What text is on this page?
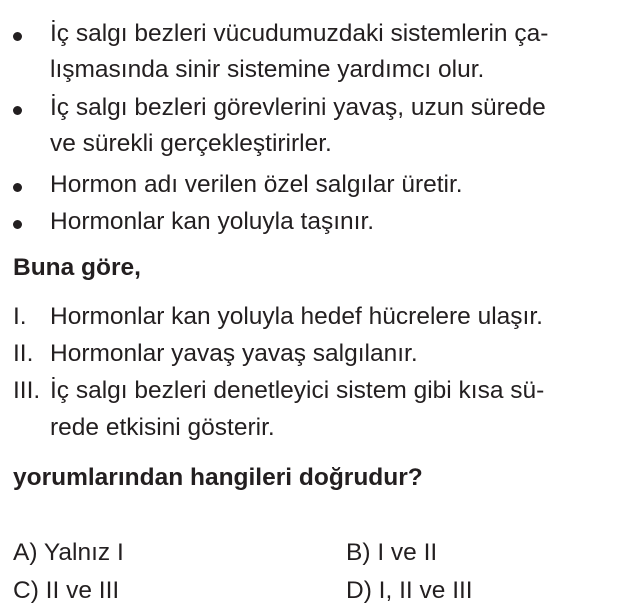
İç salgı bezleri vücudumuzdaki sistemlerin ça-
lışmasında sinir sistemine yardımcı olur.
İç salgı bezleri görevlerini yavaş, uzun sürede
ve sürekli gerçekleştirirler.
Hormon adı verilen özel salgılar üretir.
Hormonlar kan yoluyla taşınır.
Buna göre,
I. Hormonlar kan yoluyla hedef hücrelere ulaşır.
II. Hormonlar yavaş yavaş salgılanır.
III. İç salgı bezleri denetleyici sistem gibi kısa sü-
rede etkisini gösterir.
yorumlarından hangileri doğrudur?
A) Yalnız I	B) I ve II
C) II ve III	D) I, II ve III
